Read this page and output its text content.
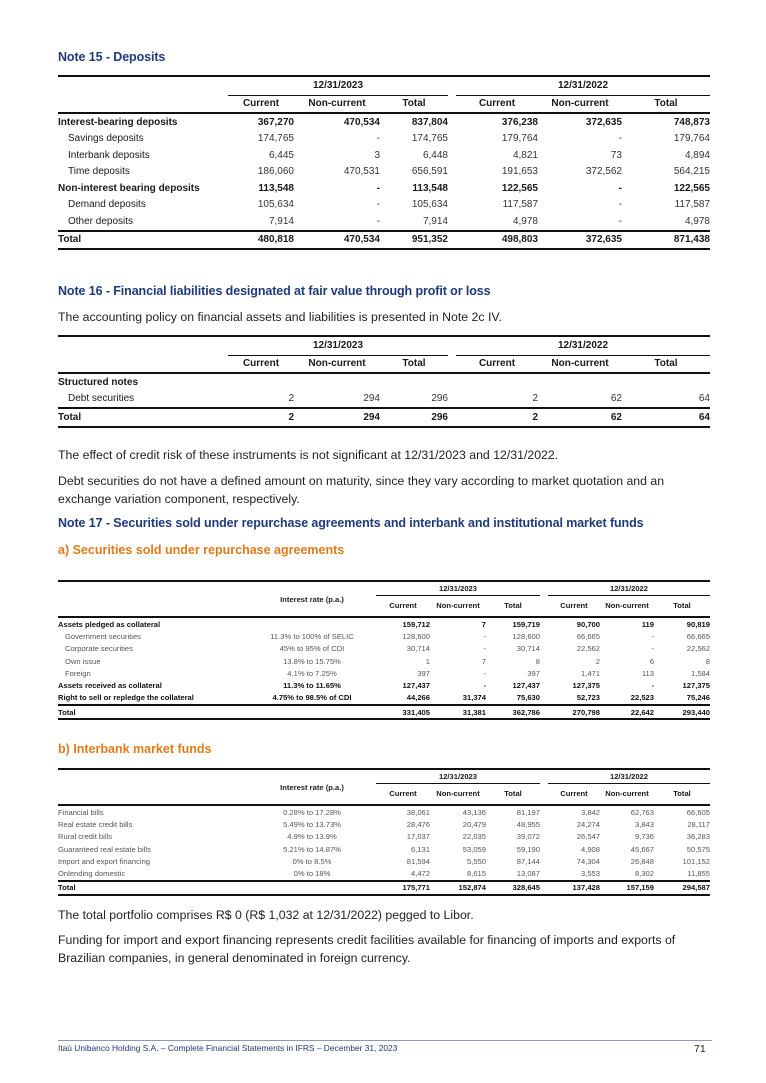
Note 15 - Deposits
	12/31/2023				12/31/2022		
	Current	Non-current	Total		Current	Non-current	Total
Interest-bearing deposits	367,270	470,534	837,804		376,238	372,635	748,873
Savings deposits	174,765	-	174,765		179,764	-	179,764
Interbank deposits	6,445	3	6,448		4,821	73	4,894
Time deposits	186,060	470,531	656,591		191,653	372,562	564,215
Non-interest bearing deposits	113,548	-	113,548		122,565	-	122,565
Demand deposits	105,634	-	105,634		117,587	-	117,587
Other deposits	7,914	-	7,914		4,978	-	4,978
Total	480,818	470,534	951,352		498,803	372,635	871,438
Note 16 - Financial liabilities designated at fair value through profit or loss
The accounting policy on financial assets and liabilities is presented in Note 2c IV.
	12/31/2023				12/31/2022		
	Current	Non-current	Total		Current	Non-current	Total
Structured notes							
Debt securities	2	294	296		2	62	64
Total	2	294	296		2	62	64
The effect of credit risk of these instruments is not significant at 12/31/2023 and 12/31/2022.
Debt securities do not have a defined amount on maturity, since they vary according to market quotation and an exchange variation component, respectively.
Note 17 - Securities sold under repurchase agreements and interbank and institutional market funds
a) Securities sold under repurchase agreements
	Interest rate (p.a.)	12/31/2023				12/31/2022		
		Current	Non-current	Total		Current	Non-current	Total
Assets pledged as collateral		159,712	7	159,719		90,700	119	90,819
Government securities	11.3% to 100% of SELIC	128,600	-	128,600		66,665	-	66,665
Corporate securities	45% to 95% of CDI	30,714	-	30,714		22,562	-	22,562
Own issue	13.8% to 15.75%	1	7	8		2	6	8
Foreign	4.1% to 7.25%	397	-	397		1,471	113	1,584
Assets received as collateral	11.3% to 11.65%	127,437	-	127,437		127,375	-	127,375
Right to sell or repledge the collateral	4.75% to 98.5% of CDI	44,266	31,374	75,630		52,723	22,523	75,246
Total		331,405	31,381	362,786		270,798	22,642	293,440
b) Interbank market funds
	Interest rate (p.a.)	12/31/2023				12/31/2022		
		Current	Non-current	Total		Current	Non-current	Total
Financial bills	0.28% to 17.28%	38,061	43,136	81,197		3,842	62,763	66,605
Real estate credit bills	5.49% to 13.73%	28,476	20,479	48,955		24,274	3,843	28,117
Rural credit bills	4.9% to 13.9%	17,037	22,035	39,072		26,547	9,736	36,283
Guaranteed real estate bills	5.21% to 14.87%	6,131	53,059	59,190		4,908	45,667	50,575
Import and export financing	0% to 8.5%	81,594	5,550	87,144		74,304	26,848	101,152
Onlending domestic	0% to 18%	4,472	8,615	13,087		3,553	8,302	11,855
Total		175,771	152,874	328,645		137,428	157,159	294,587
The total portfolio comprises R$ 0 (R$ 1,032 at 12/31/2022) pegged to Libor.
Funding for import and export financing represents credit facilities available for financing of imports and exports of Brazilian companies, in general denominated in foreign currency.
Itaú Unibanco Holding S.A. – Complete Financial Statements in IFRS – December 31, 2023	71
